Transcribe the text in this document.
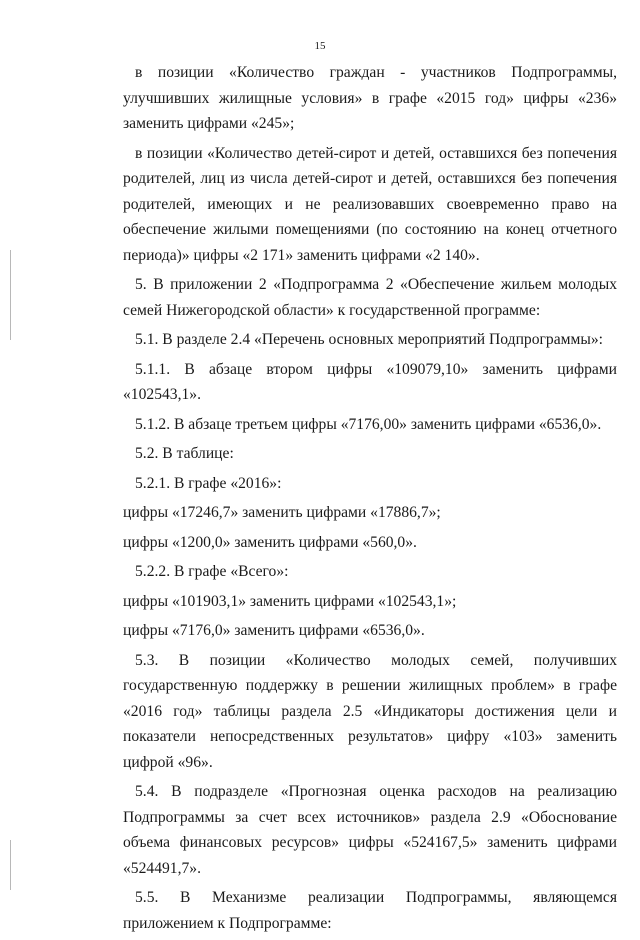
15

в позиции «Количество граждан - участников Подпрограммы, улучшивших жилищные условия» в графе «2015 год» цифры «236» заменить цифрами «245»;

в позиции «Количество детей-сирот и детей, оставшихся без попечения родителей, лиц из числа детей-сирот и детей, оставшихся без попечения родителей, имеющих и не реализовавших своевременно право на обеспечение жилыми помещениями (по состоянию на конец отчетного периода)» цифры «2 171» заменить цифрами «2 140».

5. В приложении 2 «Подпрограмма 2 «Обеспечение жильем молодых семей Нижегородской области» к государственной программе:

5.1. В разделе 2.4 «Перечень основных мероприятий Подпрограммы»:

5.1.1. В абзаце втором цифры «109079,10» заменить цифрами «102543,1».

5.1.2. В абзаце третьем цифры «7176,00» заменить цифрами «6536,0».

5.2. В таблице:

5.2.1. В графе «2016»:

цифры «17246,7» заменить цифрами «17886,7»;

цифры «1200,0» заменить цифрами «560,0».

5.2.2. В графе «Всего»:

цифры «101903,1» заменить цифрами «102543,1»;

цифры «7176,0» заменить цифрами «6536,0».

5.3. В позиции «Количество молодых семей, получивших государственную поддержку в решении жилищных проблем» в графе «2016 год» таблицы раздела 2.5 «Индикаторы достижения цели и показатели непосредственных результатов» цифру «103» заменить цифрой «96».

5.4. В подразделе «Прогнозная оценка расходов на реализацию Подпрограммы за счет всех источников» раздела 2.9 «Обоснование объема финансовых ресурсов» цифры «524167,5» заменить цифрами «524491,7».

5.5. В Механизме реализации Подпрограммы, являющемся приложением к Подпрограмме:
